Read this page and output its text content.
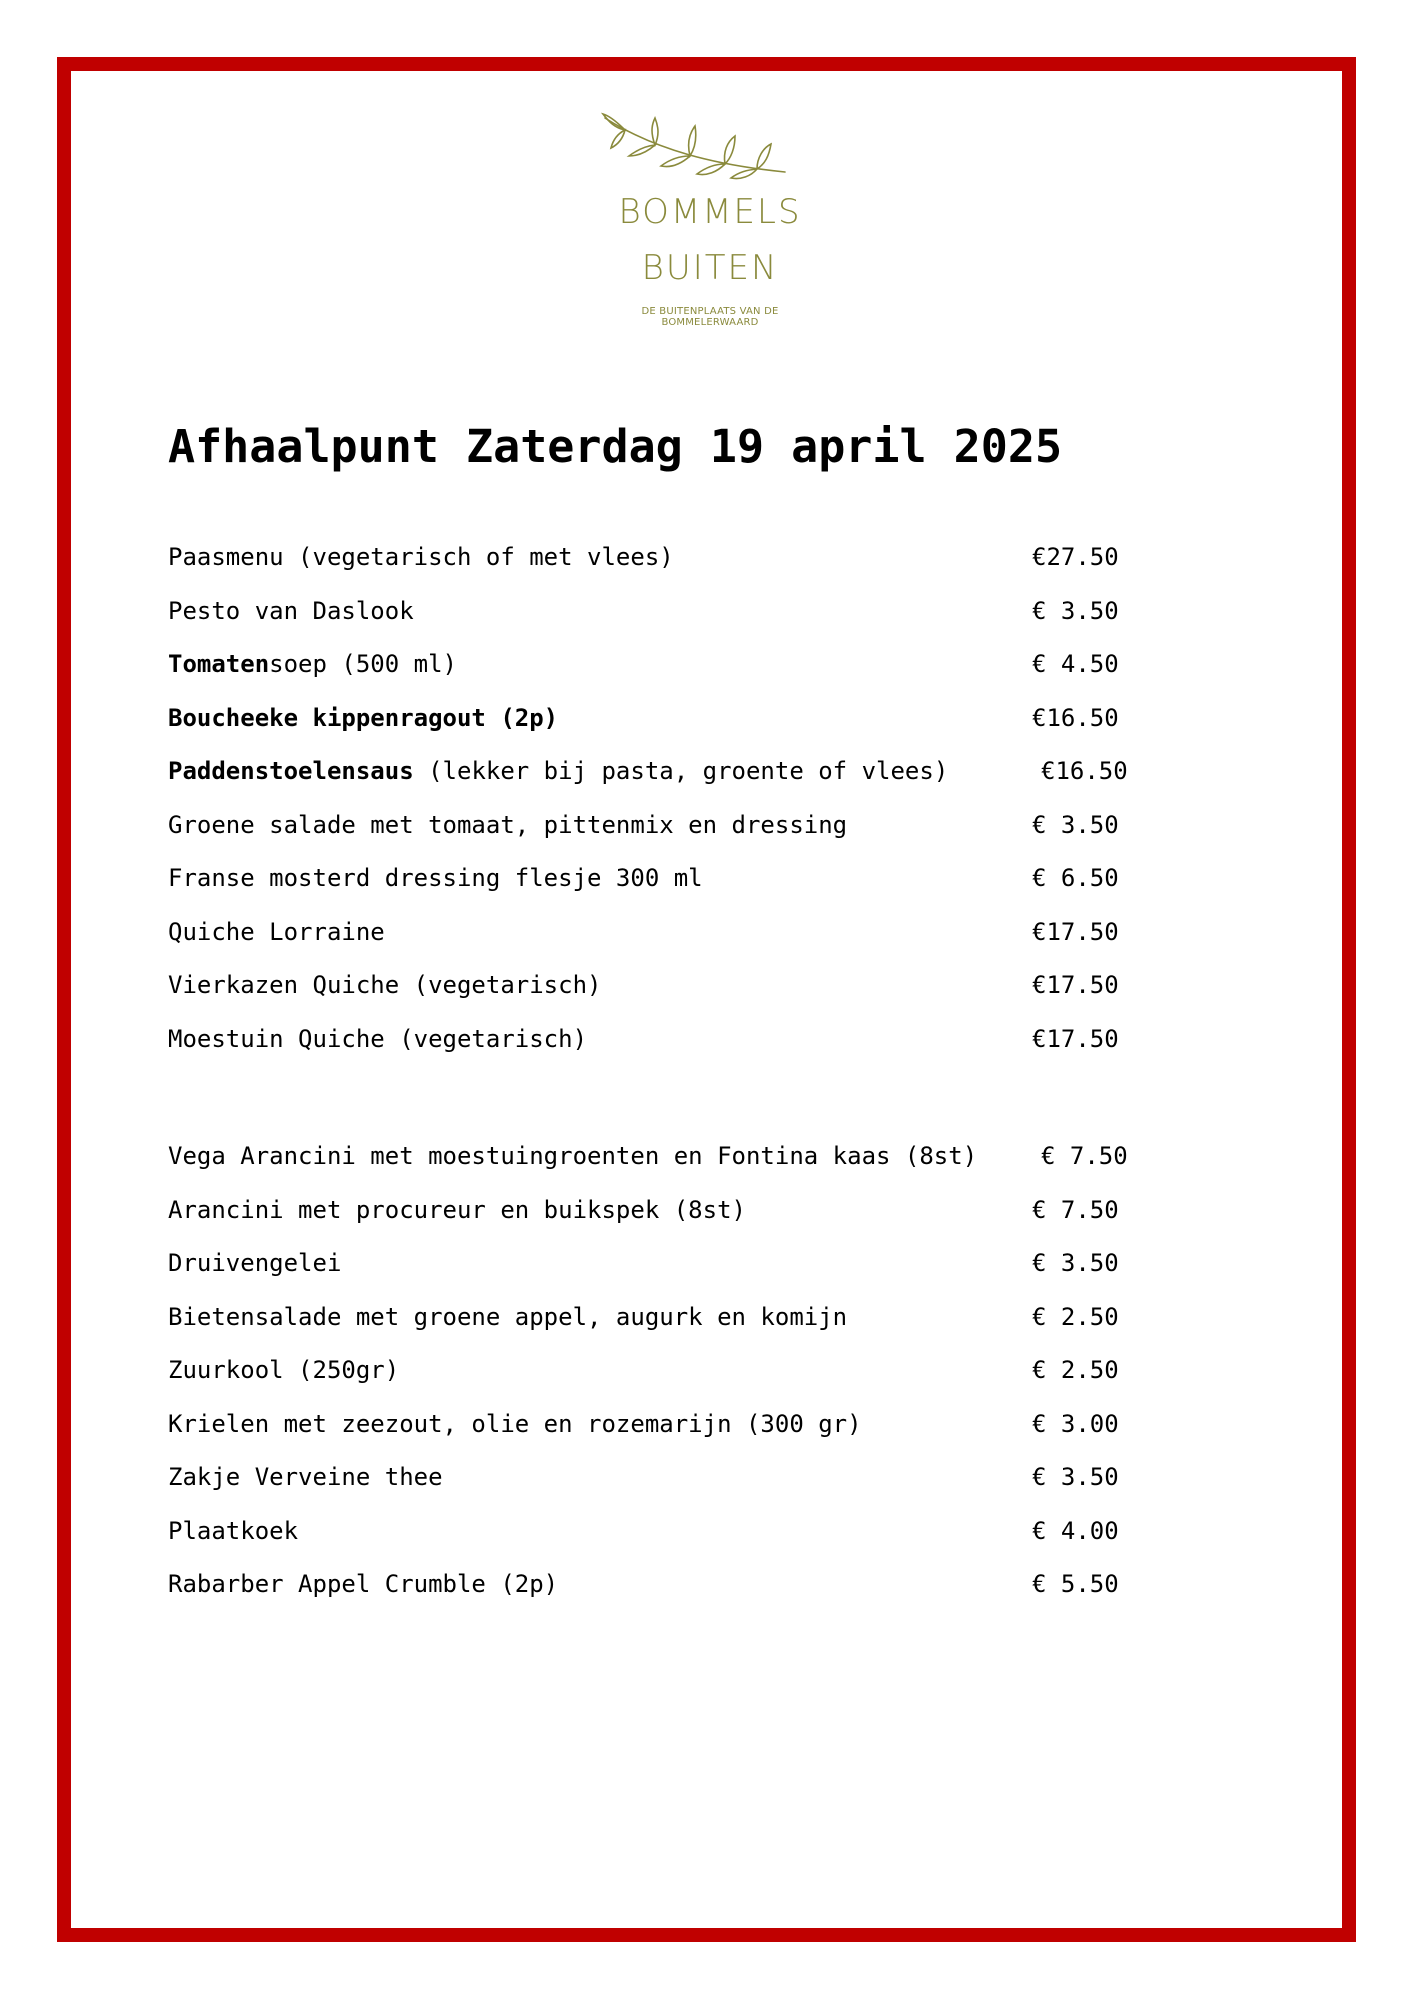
BOMMELS
BUITEN
DE BUITENPLAATS VAN DE BOMMELERWAARD
Afhaalpunt Zaterdag 19 april 2025
Paasmenu (vegetarisch of met vlees)	€27.50
Pesto van Daslook	€ 3.50
Tomatensoep (500 ml)	€ 4.50
Boucheeke kippenragout (2p)	€16.50
Paddenstoelensaus (lekker bij pasta, groente of vlees)	€16.50
Groene salade met tomaat, pittenmix en dressing	€ 3.50
Franse mosterd dressing flesje 300 ml	€ 6.50
Quiche Lorraine	€17.50
Vierkazen Quiche (vegetarisch)	€17.50
Moestuin Quiche (vegetarisch)	€17.50
Vega Arancini met moestuingroenten en Fontina kaas (8st)	€ 7.50
Arancini met procureur en buikspek (8st)	€ 7.50
Druivengelei	€ 3.50
Bietensalade met groene appel, augurk en komijn	€ 2.50
Zuurkool (250gr)	€ 2.50
Krielen met zeezout, olie en rozemarijn (300 gr)	€ 3.00
Zakje Verveine thee	€ 3.50
Plaatkoek	€ 4.00
Rabarber Appel Crumble (2p)	€ 5.50
